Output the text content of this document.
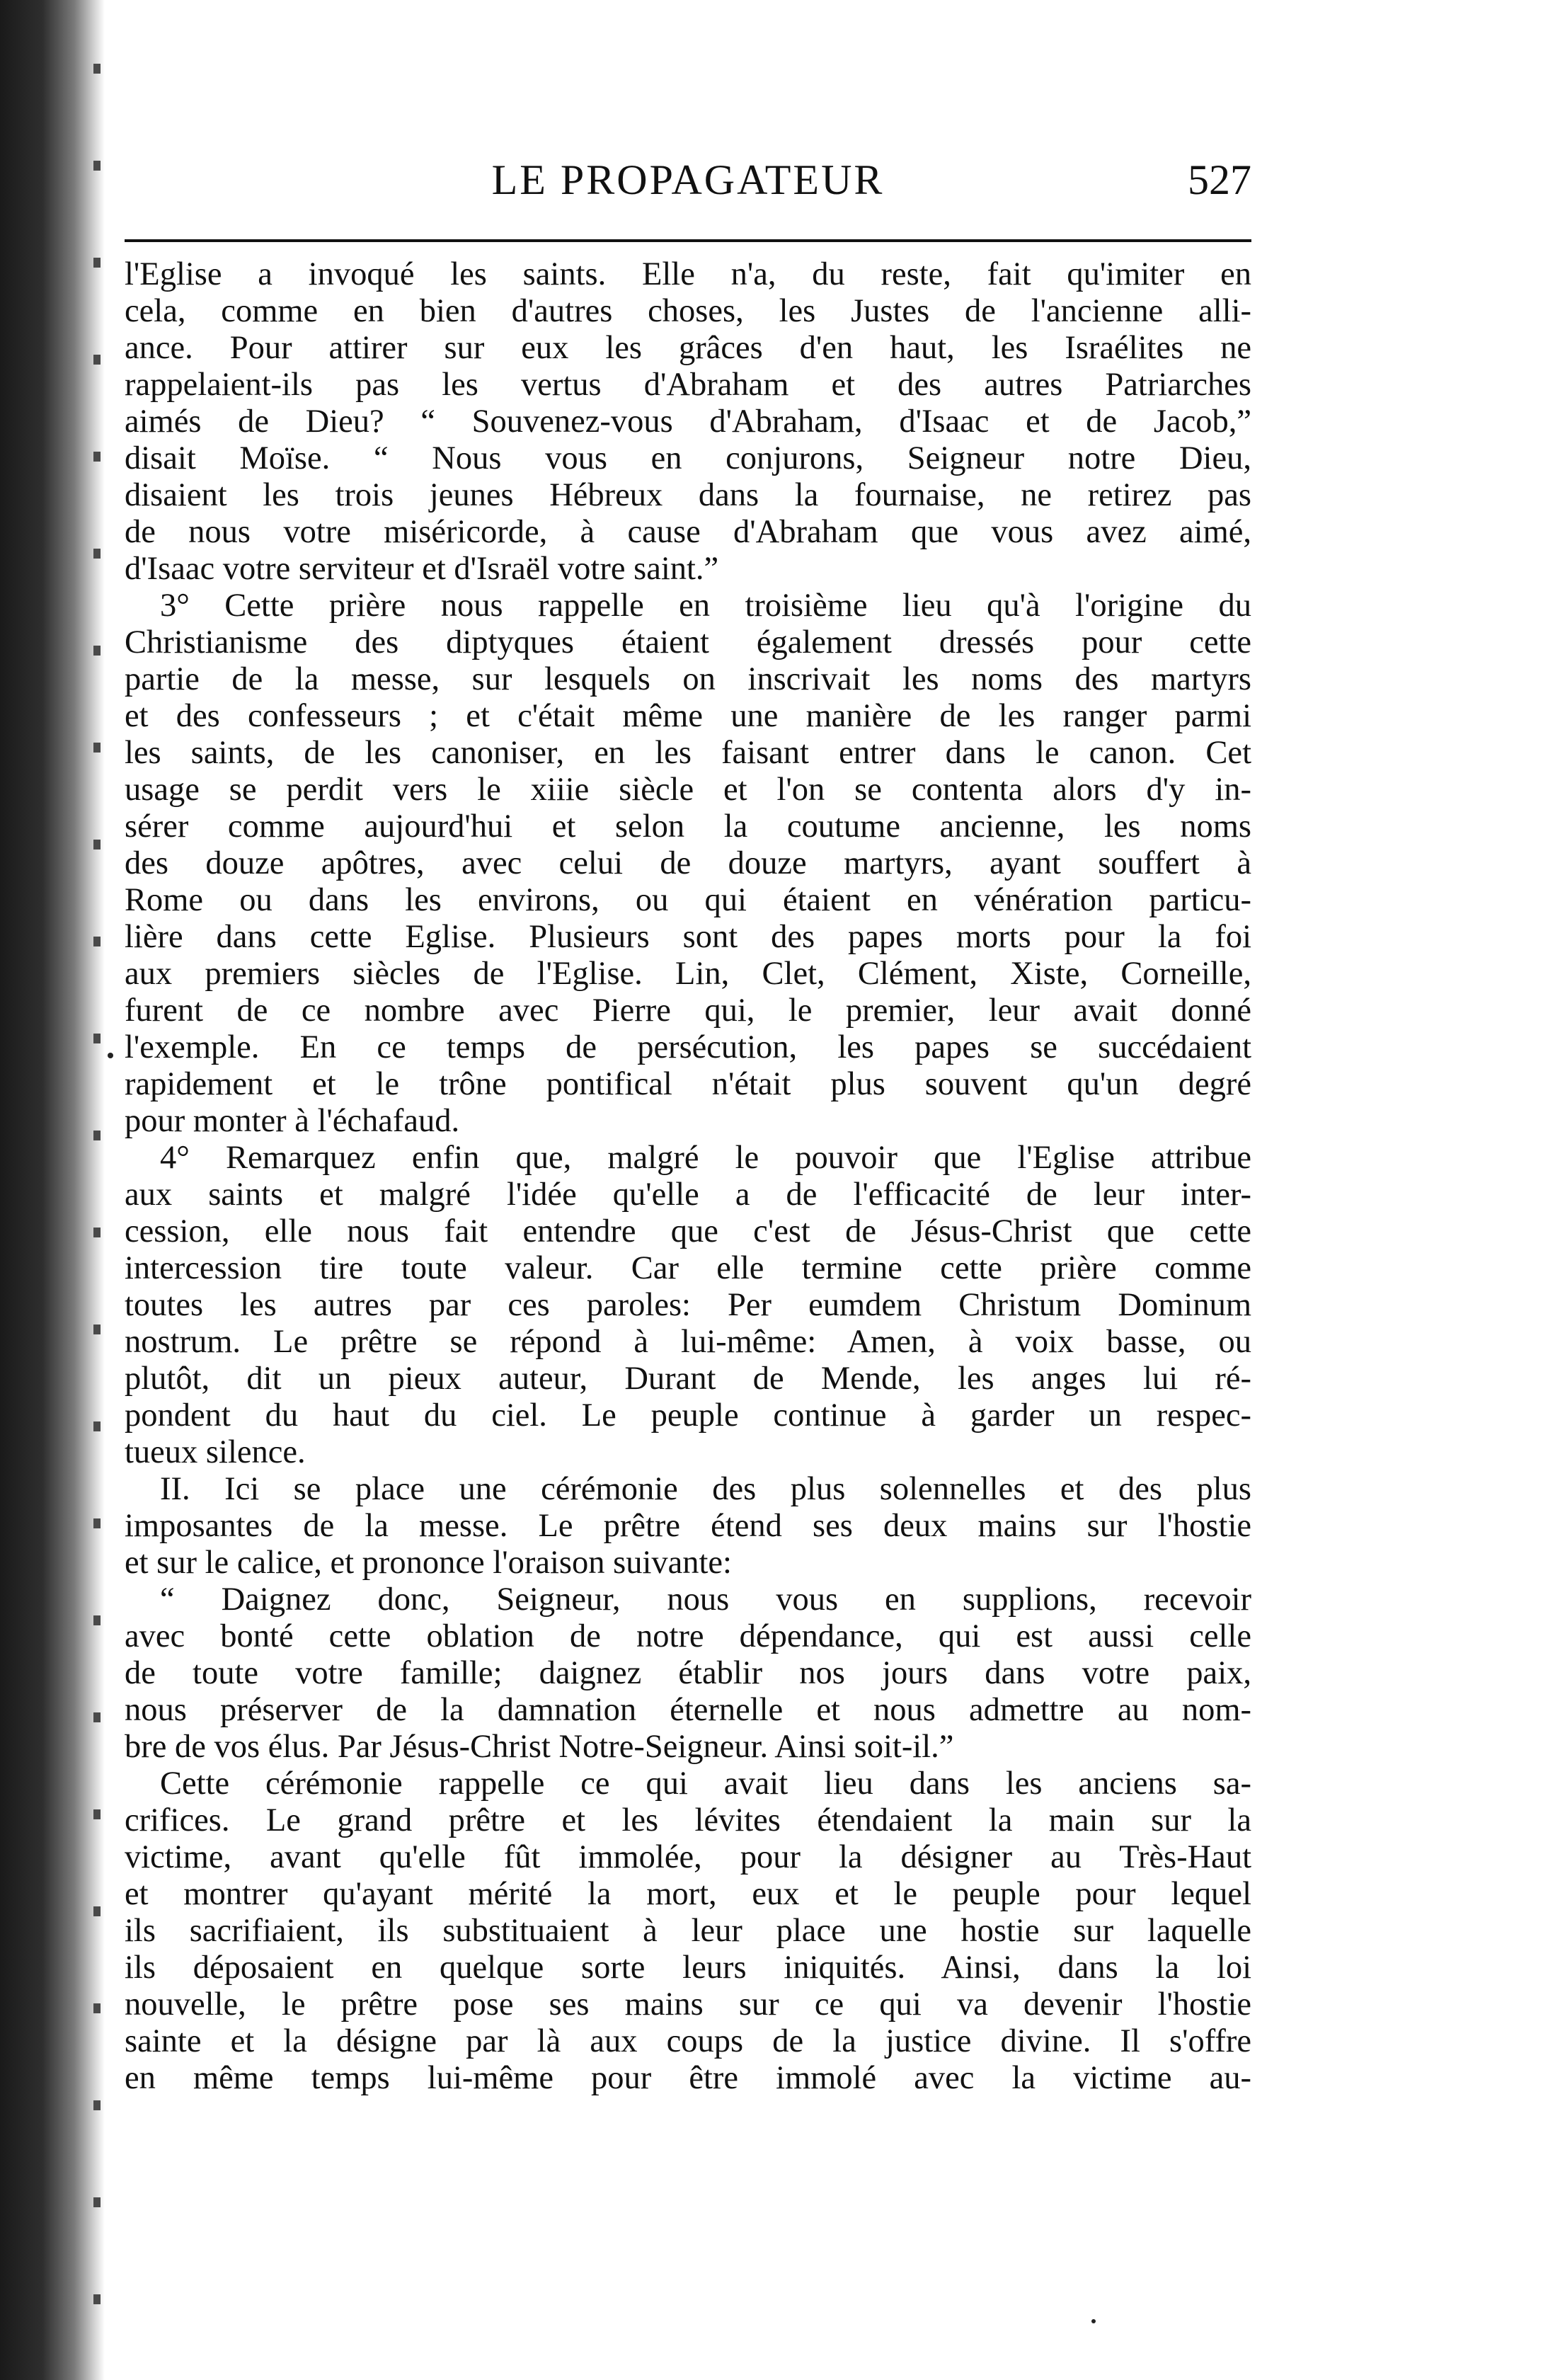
LE PROPAGATEUR	527
l'Eglise a invoqué les saints. Elle n'a, du reste, fait qu'imiter en
cela, comme en bien d'autres choses, les Justes de l'ancienne alli-
ance. Pour attirer sur eux les grâces d'en haut, les Israélites ne
rappelaient-ils pas les vertus d'Abraham et des autres Patriarches
aimés de Dieu? “ Souvenez-vous d'Abraham, d'Isaac et de Jacob,”
disait Moïse. “ Nous vous en conjurons, Seigneur notre Dieu,
disaient les trois jeunes Hébreux dans la fournaise, ne retirez pas
de nous votre miséricorde, à cause d'Abraham que vous avez aimé,
d'Isaac votre serviteur et d'Israël votre saint.”
3° Cette prière nous rappelle en troisième lieu qu'à l'origine du
Christianisme des diptyques étaient également dressés pour cette
partie de la messe, sur lesquels on inscrivait les noms des martyrs
et des confesseurs ; et c'était même une manière de les ranger parmi
les saints, de les canoniser, en les faisant entrer dans le canon. Cet
usage se perdit vers le xiiie siècle et l'on se contenta alors d'y in-
sérer comme aujourd'hui et selon la coutume ancienne, les noms
des douze apôtres, avec celui de douze martyrs, ayant souffert à
Rome ou dans les environs, ou qui étaient en vénération particu-
lière dans cette Eglise. Plusieurs sont des papes morts pour la foi
aux premiers siècles de l'Eglise. Lin, Clet, Clément, Xiste, Corneille,
furent de ce nombre avec Pierre qui, le premier, leur avait donné
l'exemple. En ce temps de persécution, les papes se succédaient
rapidement et le trône pontifical n'était plus souvent qu'un degré
pour monter à l'échafaud.
4° Remarquez enfin que, malgré le pouvoir que l'Eglise attribue
aux saints et malgré l'idée qu'elle a de l'efficacité de leur inter-
cession, elle nous fait entendre que c'est de Jésus-Christ que cette
intercession tire toute valeur. Car elle termine cette prière comme
toutes les autres par ces paroles: Per eumdem Christum Dominum
nostrum. Le prêtre se répond à lui-même: Amen, à voix basse, ou
plutôt, dit un pieux auteur, Durant de Mende, les anges lui ré-
pondent du haut du ciel. Le peuple continue à garder un respec-
tueux silence.
II. Ici se place une cérémonie des plus solennelles et des plus
imposantes de la messe. Le prêtre étend ses deux mains sur l'hostie
et sur le calice, et prononce l'oraison suivante:
“ Daignez donc, Seigneur, nous vous en supplions, recevoir
avec bonté cette oblation de notre dépendance, qui est aussi celle
de toute votre famille; daignez établir nos jours dans votre paix,
nous préserver de la damnation éternelle et nous admettre au nom-
bre de vos élus. Par Jésus-Christ Notre-Seigneur. Ainsi soit-il.”
Cette cérémonie rappelle ce qui avait lieu dans les anciens sa-
crifices. Le grand prêtre et les lévites étendaient la main sur la
victime, avant qu'elle fût immolée, pour la désigner au Très-Haut
et montrer qu'ayant mérité la mort, eux et le peuple pour lequel
ils sacrifiaient, ils substituaient à leur place une hostie sur laquelle
ils déposaient en quelque sorte leurs iniquités. Ainsi, dans la loi
nouvelle, le prêtre pose ses mains sur ce qui va devenir l'hostie
sainte et la désigne par là aux coups de la justice divine. Il s'offre
en même temps lui-même pour être immolé avec la victime au-
